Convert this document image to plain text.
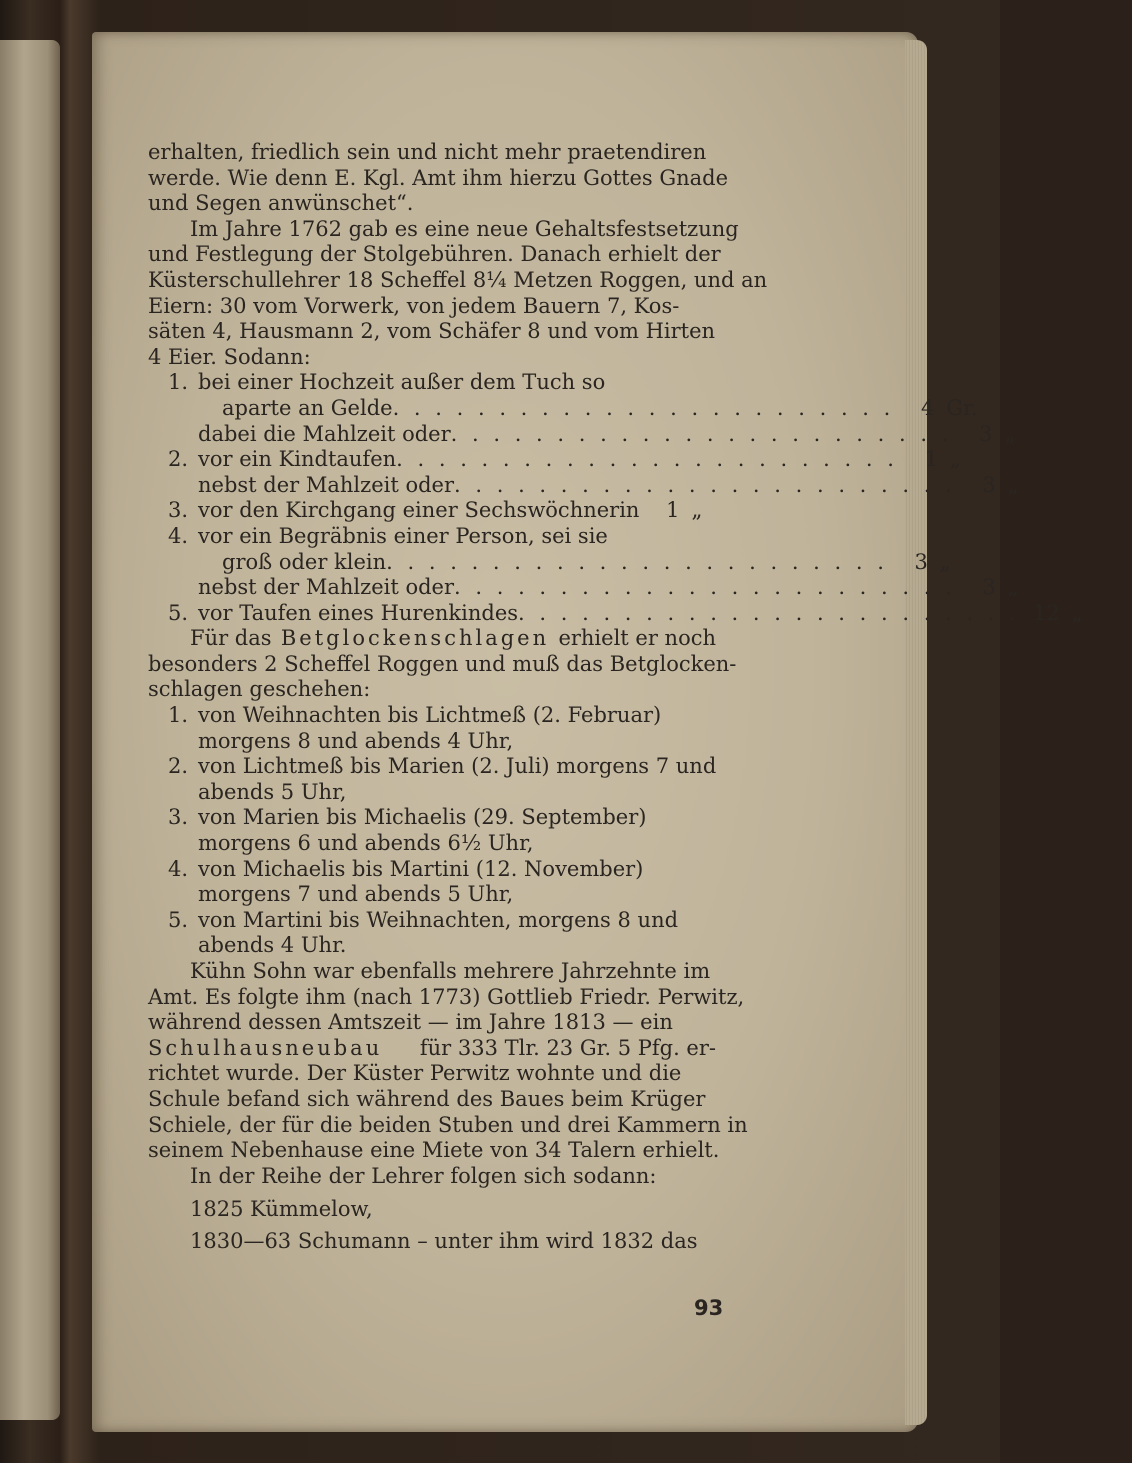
erhalten, friedlich sein und nicht mehr praetendiren
werde. Wie denn E. Kgl. Amt ihm hierzu Gottes Gnade
und Segen anwünschet“.
Im Jahre 1762 gab es eine neue Gehaltsfestsetzung
und Festlegung der Stolgebühren. Danach erhielt der
Küsterschullehrer 18 Scheffel 8¼ Metzen Roggen, und an
Eiern: 30 vom Vorwerk, von jedem Bauern 7, Kos-
säten 4, Hausmann 2, vom Schäfer 8 und vom Hirten
4 Eier. Sodann:
1. bei einer Hochzeit außer dem Tuch so
aparte an Gelde . . . . . . . . . . . . . . . . . . . . . . . .	4 Gr.
dabei die Mahlzeit oder . . . . . . . . . . . . . . . . . . . . . . . .	3 „
2. vor ein Kindtaufen . . . . . . . . . . . . . . . . . . . . . . . .	1 „
nebst der Mahlzeit oder . . . . . . . . . . . . . . . . . . . . . . . .	3 „
3. vor den Kirchgang einer Sechswöchnerin	1 „
4. vor ein Begräbnis einer Person, sei sie
groß oder klein . . . . . . . . . . . . . . . . . . . . . . . .	3 „
nebst der Mahlzeit oder . . . . . . . . . . . . . . . . . . . . . . . .	3 „
5. vor Taufen eines Hurenkindes . . . . . . . . . . . . . . . . . . . . . . . . 12 „
Für das Betglockenschlagen erhielt er noch
besonders 2 Scheffel Roggen und muß das Betglocken-
schlagen geschehen:
1. von Weihnachten bis Lichtmeß (2. Februar)
morgens 8 und abends 4 Uhr,
2. von Lichtmeß bis Marien (2. Juli) morgens 7 und
abends 5 Uhr,
3. von Marien bis Michaelis (29. September)
morgens 6 und abends 6½ Uhr,
4. von Michaelis bis Martini (12. November)
morgens 7 und abends 5 Uhr,
5. von Martini bis Weihnachten, morgens 8 und
abends 4 Uhr.
Kühn Sohn war ebenfalls mehrere Jahrzehnte im
Amt. Es folgte ihm (nach 1773) Gottlieb Friedr. Perwitz,
während dessen Amtszeit — im Jahre 1813 — ein
Schulhausneubau für 333 Tlr. 23 Gr. 5 Pfg. er-
richtet wurde. Der Küster Perwitz wohnte und die
Schule befand sich während des Baues beim Krüger
Schiele, der für die beiden Stuben und drei Kammern in
seinem Nebenhause eine Miete von 34 Talern erhielt.
In der Reihe der Lehrer folgen sich sodann:
1825 Kümmelow,
1830—63 Schumann – unter ihm wird 1832 das
93
